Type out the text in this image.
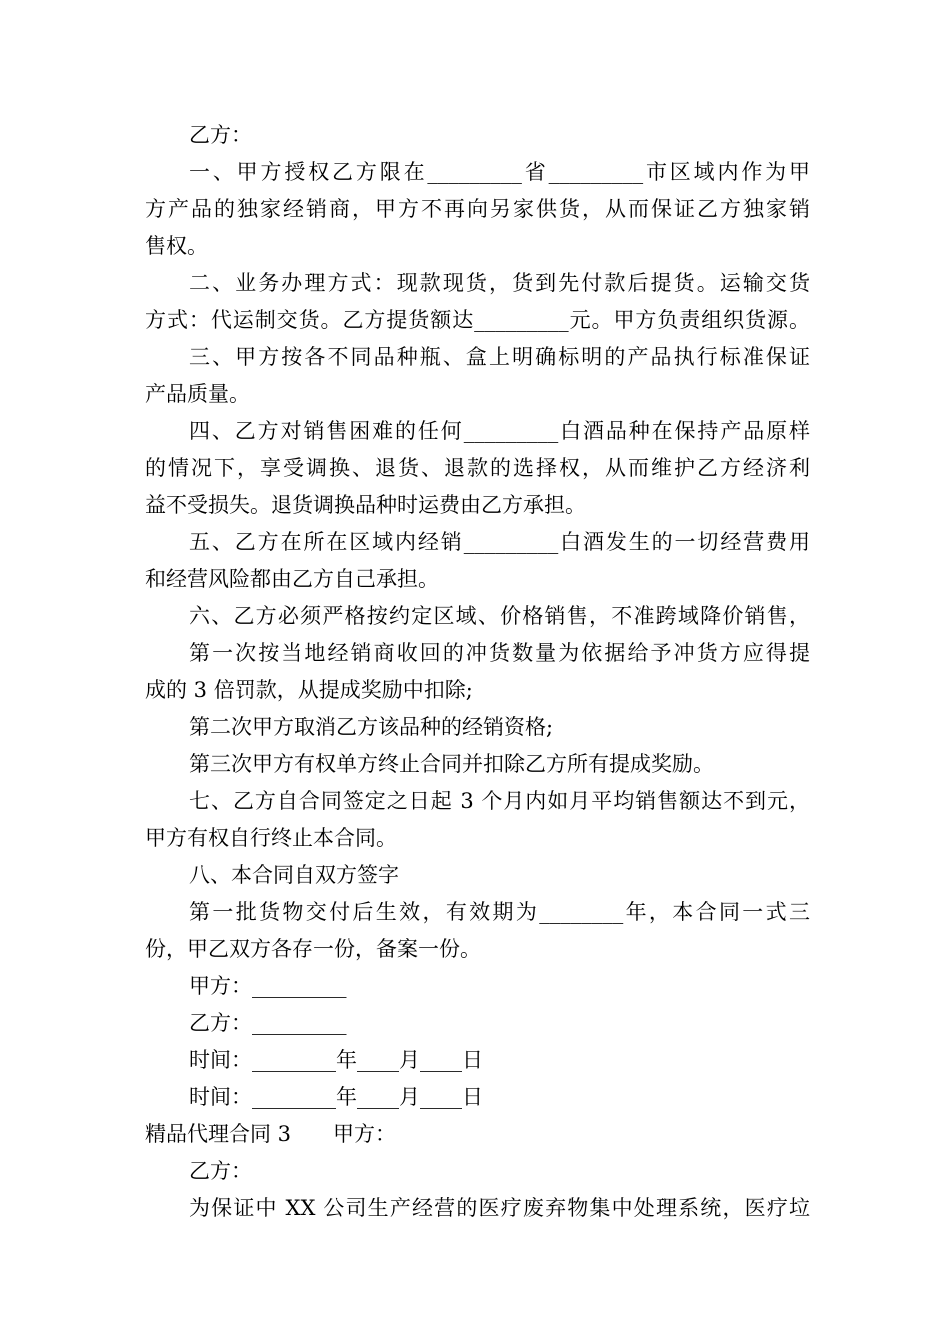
乙方：
一、甲方授权乙方限在_________省_________市区域内作为甲
方产品的独家经销商，甲方不再向另家供货，从而保证乙方独家销
售权。
二、业务办理方式：现款现货，货到先付款后提货。运输交货
方式：代运制交货。乙方提货额达_________元。甲方负责组织货源。
三、甲方按各不同品种瓶、盒上明确标明的产品执行标准保证
产品质量。
四、乙方对销售困难的任何_________白酒品种在保持产品原样
的情况下，享受调换、退货、退款的选择权，从而维护乙方经济利
益不受损失。退货调换品种时运费由乙方承担。
五、乙方在所在区域内经销_________白酒发生的一切经营费用
和经营风险都由乙方自己承担。
六、乙方必须严格按约定区域、价格销售，不准跨域降价销售，
第一次按当地经销商收回的冲货数量为依据给予冲货方应得提
成的 3 倍罚款，从提成奖励中扣除;
第二次甲方取消乙方该品种的经销资格;
第三次甲方有权单方终止合同并扣除乙方所有提成奖励。
七、乙方自合同签定之日起 3 个月内如月平均销售额达不到元，
甲方有权自行终止本合同。
八、本合同自双方签字
第一批货物交付后生效，有效期为________年，本合同一式三
份，甲乙双方各存一份，备案一份。
甲方：_________
乙方：_________
时间：________年____月____日
时间：________年____月____日
精品代理合同 3　　甲方：
乙方：
为保证中 XX 公司生产经营的医疗废弃物集中处理系统，医疗垃
